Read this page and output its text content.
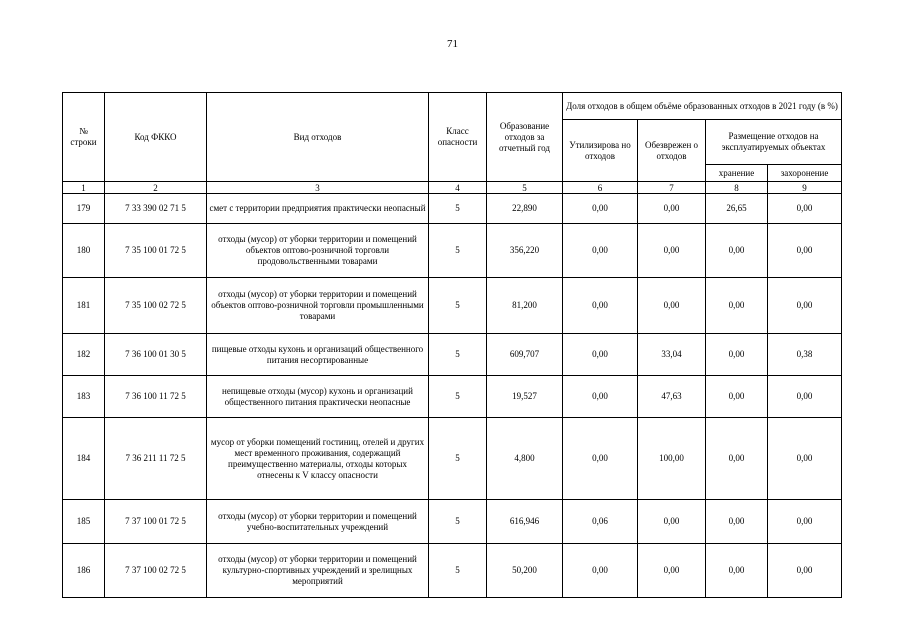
71
№ строки	Код ФККО	Вид отходов	Класс опасности	Образование отходов за отчетный год	Доля отходов в общем объёме образованных отходов в 2021 году (в %)			
					Утилизирова но отходов	Обезврежен о отходов	Размещение отходов на эксплуатируемых объектах	
							хранение	захоронение
1	2	3	4	5	6	7	8	9
179	7 33 390 02 71 5	смет с территории предприятия практически неопасный	5	22,890	0,00	0,00	26,65	0,00
180	7 35 100 01 72 5	отходы (мусор) от уборки территории и помещений объектов оптово-розничной торговли продовольственными товарами	5	356,220	0,00	0,00	0,00	0,00
181	7 35 100 02 72 5	отходы (мусор) от уборки территории и помещений объектов оптово-розничной торговли промышленными товарами	5	81,200	0,00	0,00	0,00	0,00
182	7 36 100 01 30 5	пищевые отходы кухонь и организаций общественного питания несортированные	5	609,707	0,00	33,04	0,00	0,38
183	7 36 100 11 72 5	непищевые отходы (мусор) кухонь и организаций общественного питания практически неопасные	5	19,527	0,00	47,63	0,00	0,00
184	7 36 211 11 72 5	мусор от уборки помещений гостиниц, отелей и других мест временного проживания, содержащий преимущественно материалы, отходы которых отнесены к V классу опасности	5	4,800	0,00	100,00	0,00	0,00
185	7 37 100 01 72 5	отходы (мусор) от уборки территории и помещений учебно-воспитательных учреждений	5	616,946	0,06	0,00	0,00	0,00
186	7 37 100 02 72 5	отходы (мусор) от уборки территории и помещений культурно-спортивных учреждений и зрелищных мероприятий	5	50,200	0,00	0,00	0,00	0,00
